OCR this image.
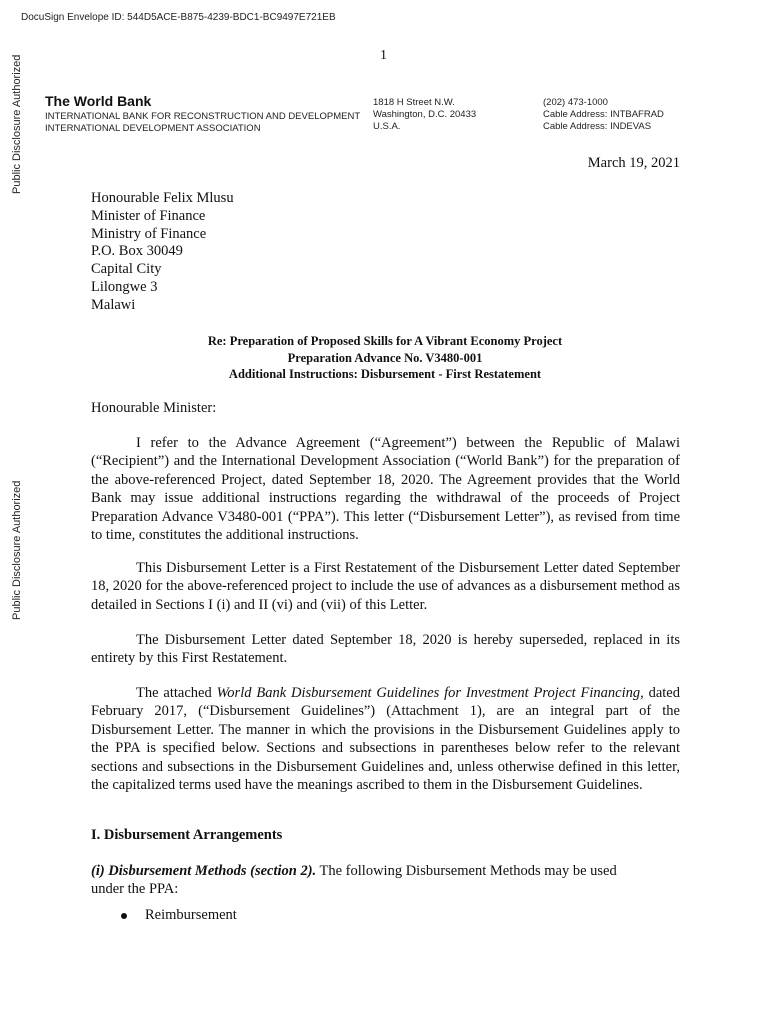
DocuSign Envelope ID: 544D5ACE-B875-4239-BDC1-BC9497E721EB
Public Disclosure Authorized
Public Disclosure Authorized
1
The World Bank
INTERNATIONAL BANK FOR RECONSTRUCTION AND DEVELOPMENT
INTERNATIONAL DEVELOPMENT ASSOCIATION
1818 H Street N.W.
Washington, D.C. 20433
U.S.A.
(202) 473-1000
Cable Address: INTBAFRAD
Cable Address: INDEVAS
March 19, 2021
Honourable Felix Mlusu
Minister of Finance
Ministry of Finance
P.O. Box 30049
Capital City
Lilongwe 3
Malawi
Re: Preparation of Proposed Skills for A Vibrant Economy Project
Preparation Advance No. V3480-001
Additional Instructions: Disbursement - First Restatement
Honourable Minister:
I refer to the Advance Agreement (“Agreement”) between the Republic of Malawi (“Recipient”) and the International Development Association (“World Bank”) for the preparation of the above-referenced Project, dated September 18, 2020. The Agreement provides that the World Bank may issue additional instructions regarding the withdrawal of the proceeds of Project Preparation Advance V3480-001 (“PPA”). This letter (“Disbursement Letter”), as revised from time to time, constitutes the additional instructions.
This Disbursement Letter is a First Restatement of the Disbursement Letter dated September 18, 2020 for the above-referenced project to include the use of advances as a disbursement method as detailed in Sections I (i) and II (vi) and (vii) of this Letter.
The Disbursement Letter dated September 18, 2020 is hereby superseded, replaced in its entirety by this First Restatement.
The attached World Bank Disbursement Guidelines for Investment Project Financing, dated February 2017, (“Disbursement Guidelines”) (Attachment 1), are an integral part of the Disbursement Letter. The manner in which the provisions in the Disbursement Guidelines apply to the PPA is specified below. Sections and subsections in parentheses below refer to the relevant sections and subsections in the Disbursement Guidelines and, unless otherwise defined in this letter, the capitalized terms used have the meanings ascribed to them in the Disbursement Guidelines.
I. Disbursement Arrangements
(i) Disbursement Methods (section 2). The following Disbursement Methods may be used under the PPA:
Reimbursement
